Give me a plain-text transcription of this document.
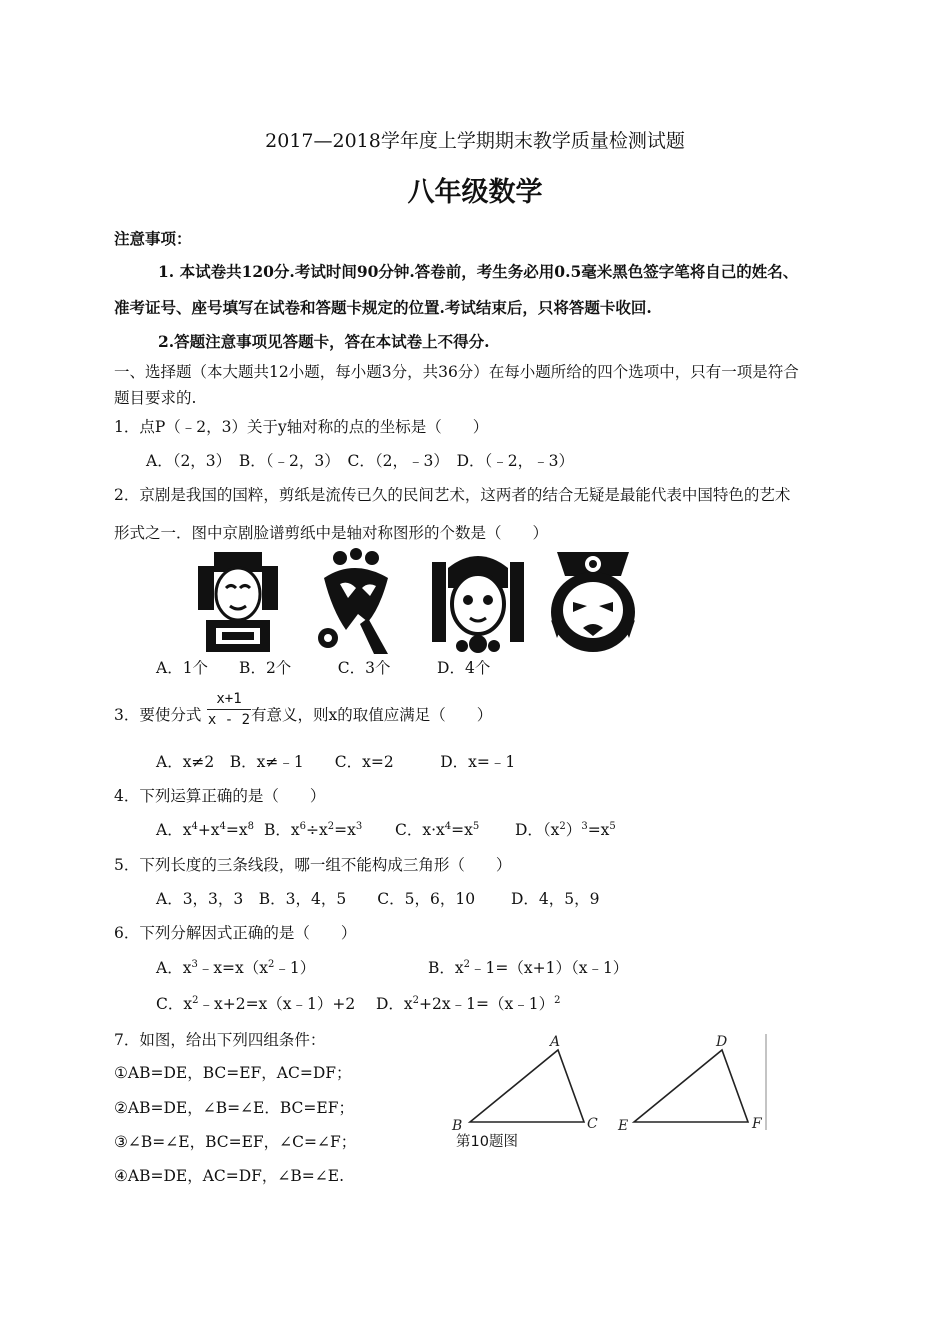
2017—2018学年度上学期期末教学质量检测试题
八年级数学
注意事项：
1. 本试卷共120分.考试时间90分钟.答卷前，考生务必用0.5毫米黑色签字笔将自己的姓名、
准考证号、座号填写在试卷和答题卡规定的位置.考试结束后，只将答题卡收回.
2.答题注意事项见答题卡，答在本试卷上不得分.
一、选择题（本大题共12小题，每小题3分，共36分）在每小题所给的四个选项中，只有一项是符合
题目要求的.
1．点P（﹣2，3）关于y轴对称的点的坐标是（　　）
A．（2，3）　B．（﹣2，3）　C．（2，﹣3）　D．（﹣2，﹣3）
2．京剧是我国的国粹，剪纸是流传已久的民间艺术，这两者的结合无疑是最能代表中国特色的艺术
形式之一．图中京剧脸谱剪纸中是轴对称图形的个数是（　　）
A．1个　　B．2个　　　C．3个　　　D．4个
3．要使分式
x+1
x - 2 有意义，则x的取值应满足（　　）
A．x≠2　B．x≠﹣1　　C．x=2　　　D．x=﹣1
4．下列运算正确的是（　　）
A．$x^4+x^4=x^8$ B．$x^6\div x^2=x^3$ C．$x\cdot x^4=x^5$ D．$(x^2)^3=x^5$
5．下列长度的三条线段，哪一组不能构成三角形（　　）
A．3，3，3　B．3，4，5　　C．5，6，10　　 D．4，5，9
6．下列分解因式正确的是（　　）
A．$x^3﹣x=x(x^2﹣1)$	B．$x^2﹣1=(x+1)(x﹣1)$
C．$x^2﹣x+2=x(x﹣1)+2$ D．$x^2+2x﹣1=(x﹣1)^2$
7．如图，给出下列四组条件：
①AB=DE，BC=EF，AC=DF；
②AB=DE，∠B=∠E．BC=EF；
③∠B=∠E，BC=EF，∠C=∠F；
④AB=DE，AC=DF，∠B=∠E.
A
B	C
D
E	F
第10题图
